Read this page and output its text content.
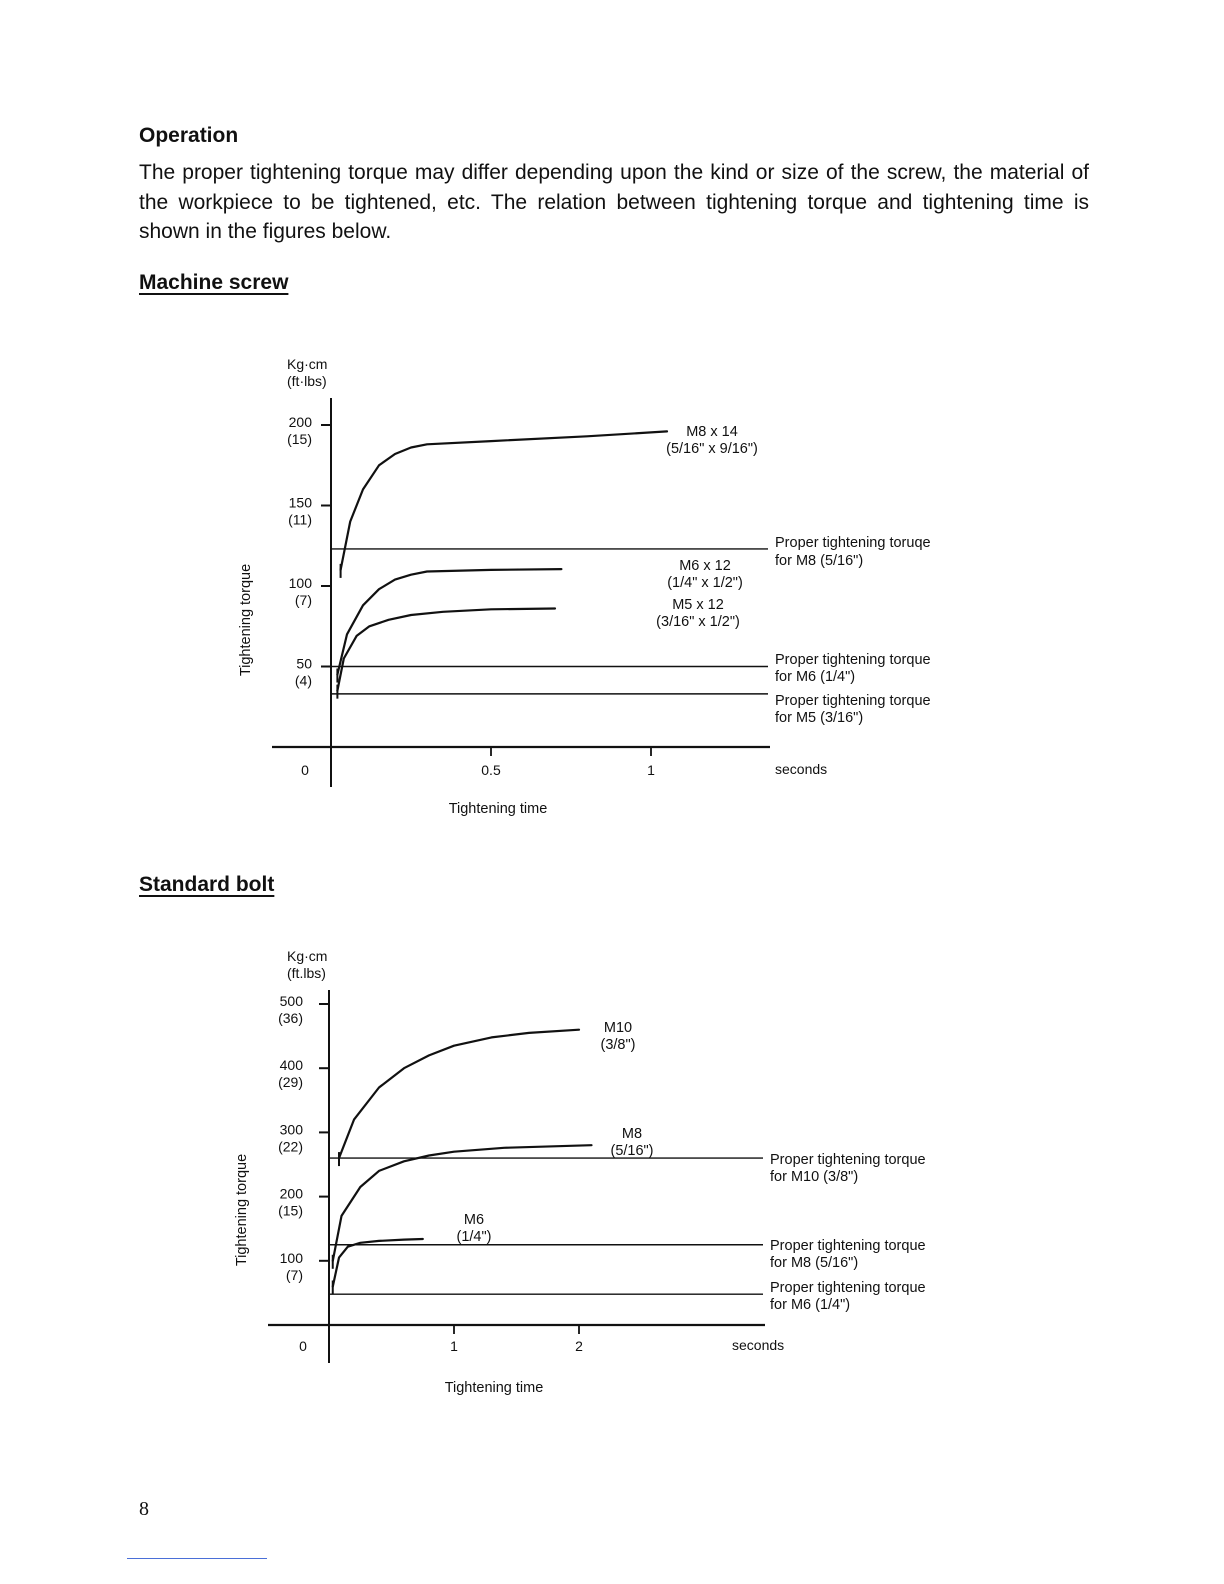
Operation

The proper tightening torque may differ depending upon the kind or size of the screw, the material of the workpiece to be tightened, etc. The relation between tightening torque and tightening time is shown in the figures below.

Machine screw
Kg·cm
(ft·lbs)
50
(4)
100
(7)
150
(11)
200
(15)
0	0.5	1	seconds
Tightening time
Tightening torque
Proper tightening toruqe
for M8 (5/16")
Proper tightening torque
for M6 (1/4")
Proper tightening torque
for M5 (3/16")
M8 x 14
(5/16" x 9/16")
M6 x 12
(1/4" x 1/2")
M5 x 12
(3/16" x 1/2")
Standard bolt
Kg·cm
(ft.lbs)
100
(7)
200
(15)
300
(22)
400
(29)
500
(36)
0	1	2	seconds
Tightening time
Tightening torque	Proper tightening torque
for M10 (3/8")
Proper tightening torque
for M8 (5/16")
Proper tightening torque
for M6 (1/4")
M10
(3/8")
M8
(5/16")
M6
(1/4")
8
